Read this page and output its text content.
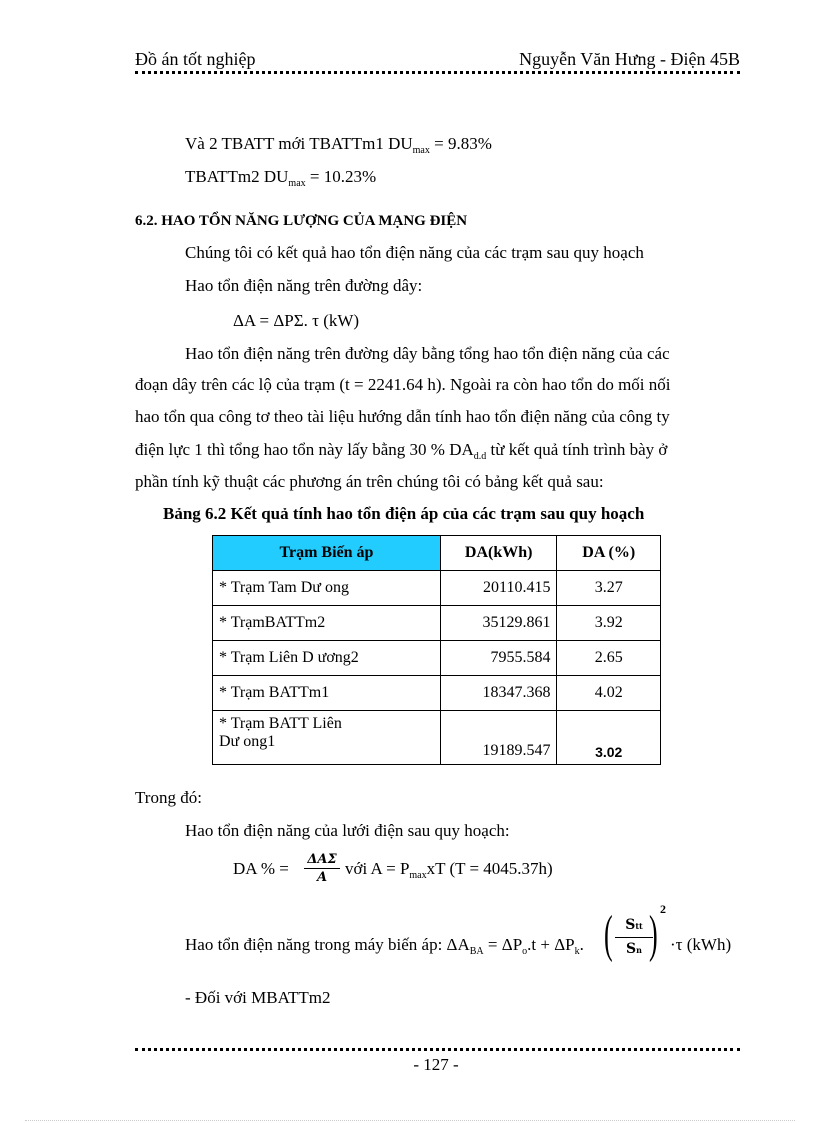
Đồ án tốt nghiệp	Nguyễn Văn Hưng - Điện 45B
Và 2 TBATT mới TBATTm1 $DU_{max} = 9.83\%$
TBATTm2 $DU_{max} = 10.23\%$
6.2. HAO TỔN NĂNG LƯỢNG CỦA MẠNG ĐIỆN
Chúng tôi có kết quả hao tổn điện năng của các trạm sau quy hoạch
Hao tổn điện năng trên đường dây:
ΔA = ΔPΣ. τ (kW)
Hao tổn điện năng trên đường dây bằng tổng hao tổn điện năng của các
đoạn dây trên các lộ của trạm (t = 2241.64 h). Ngoài ra còn hao tổn do mối nối
hao tổn qua công tơ theo tài liệu hướng dẫn tính hao tổn điện năng của công ty
điện lực 1 thì tổng hao tổn này lấy bằng 30 % $DA_{d.d}$ từ kết quả tính trình bày ở
phần tính kỹ thuật các phương án trên chúng tôi có bảng kết quả sau:
Bảng 6.2 Kết quả tính hao tổn điện áp của các trạm sau quy hoạch
Trạm Biến áp	DA(kWh)	DA (%)
* Trạm Tam Dư ong	20110.415	3.27
* TrạmBATTm2	35129.861	3.92
* Trạm Liên D ương2	7955.584	2.65
* Trạm BATTm1	18347.368	4.02

* Trạm BATT Liên
Dư ong1	19189.547	3.02
Trong đó:
Hao tổn điện năng của lưới điện sau quy hoạch:
DA % = ΔAΣ
A	với $A = P_{max}xT$ (T = 4045.37h)
Hao tổn điện năng trong máy biến áp: $\Delta A_{BA} = \Delta P_o.t + \Delta P_k$. ( Stt
Sn ) 2
·τ (kWh)
- Đối với MBATTm2
- 127 -
